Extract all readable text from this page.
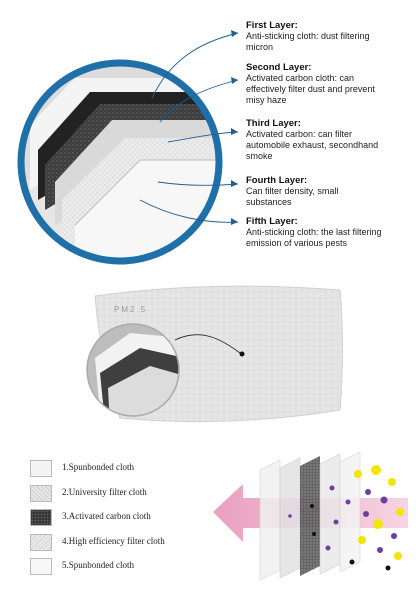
First Layer:
Anti-sticking cloth: dust filtering
micron
Second Layer:
Activated carbon cloth: can
effectively filter dust and prevent
misy haze
Third Layer:
Activated carbon: can filter
automobile exhaust, secondhand
smoke
Fourth Layer:
Can filter density, small
substances
Fifth Layer:
Anti-sticking cloth: the last filtering
emission of various pests
PM2.5
1.Spunbonded cloth
2.University filter cloth
3.Activated carbon cloth
4.High efficiency filter cloth
5.Spunbonded cloth
